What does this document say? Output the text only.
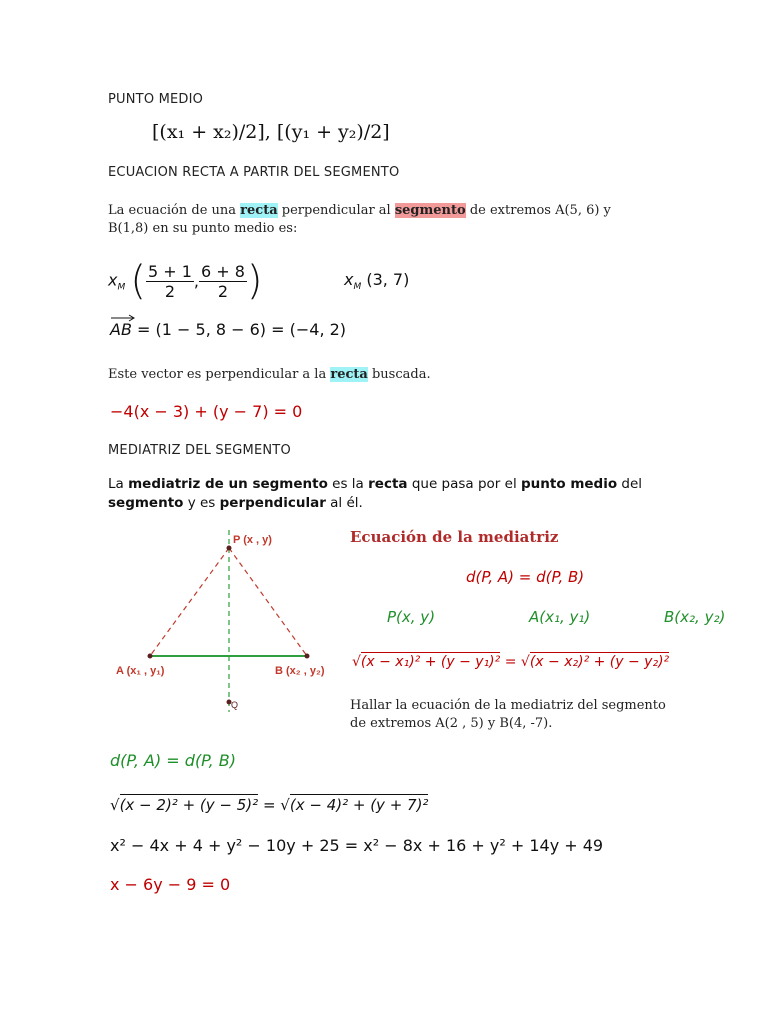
PUNTO MEDIO
[(x₁ + x₂)/2], [(y₁ + y₂)/2]
ECUACION RECTA A PARTIR DEL SEGMENTO
La ecuación de una recta perpendicular al segmento de extremos A(5, 6) y B(1,8) en su punto medio es:
$x_M$ ( $\frac{5 + 1}{2}$ , $\frac{6 + 8}{2}$ )	$x_M$ (3, 7)
AB = (1 − 5, 8 − 6) = (−4, 2)
Este vector es perpendicular a la recta buscada.
−4(x − 3) + (y − 7) = 0
MEDIATRIZ DEL SEGMENTO
La mediatriz de un segmento es la recta que pasa por el punto medio del segmento y es perpendicular al él.
P (x , y)
A (x₁ , y₁)	B (x₂ , y₂)
Q
Ecuación de la mediatriz
d(P, A) = d(P, B)
P(x, y)	A(x₁, y₁)	B(x₂, y₂)
√(x − x₁)² + (y − y₁)² = √(x − x₂)² + (y − y₂)²
Hallar la ecuación de la mediatriz del segmento de extremos A(2 , 5) y B(4, -7).
d(P, A) = d(P, B)
√(x − 2)² + (y − 5)² = √(x − 4)² + (y + 7)²
x² − 4x + 4 + y² − 10y + 25 = x² − 8x + 16 + y² + 14y + 49
x − 6y − 9 = 0
